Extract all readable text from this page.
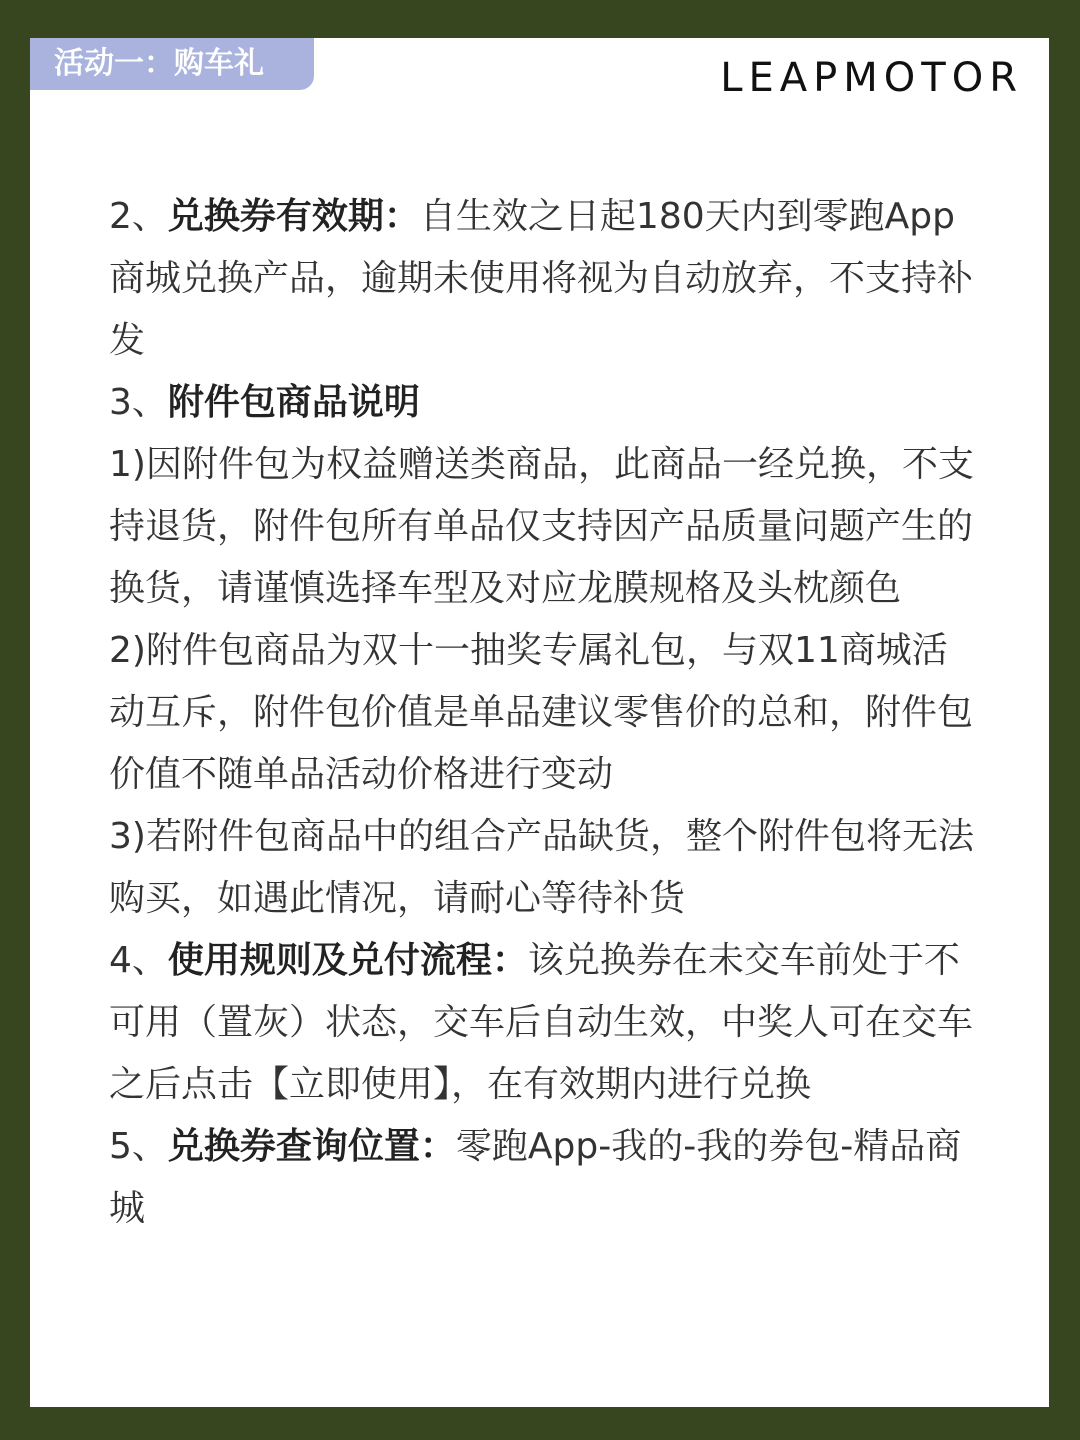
活动一：购车礼	LEAPMOTOR

2、兑换券有效期：自生效之日起180天内到零跑App商城兑换产品，逾期未使用将视为自动放弃，不支持补发

3、附件包商品说明

1)因附件包为权益赠送类商品，此商品一经兑换，不支持退货，附件包所有单品仅支持因产品质量问题产生的换货，请谨慎选择车型及对应龙膜规格及头枕颜色

2)附件包商品为双十一抽奖专属礼包，与双11商城活动互斥，附件包价值是单品建议零售价的总和，附件包价值不随单品活动价格进行变动

3)若附件包商品中的组合产品缺货，整个附件包将无法购买，如遇此情况，请耐心等待补货

4、使用规则及兑付流程：该兑换券在未交车前处于不可用（置灰）状态，交车后自动生效，中奖人可在交车之后点击【立即使用】，在有效期内进行兑换

5、兑换券查询位置：零跑App-我的-我的券包-精品商城
